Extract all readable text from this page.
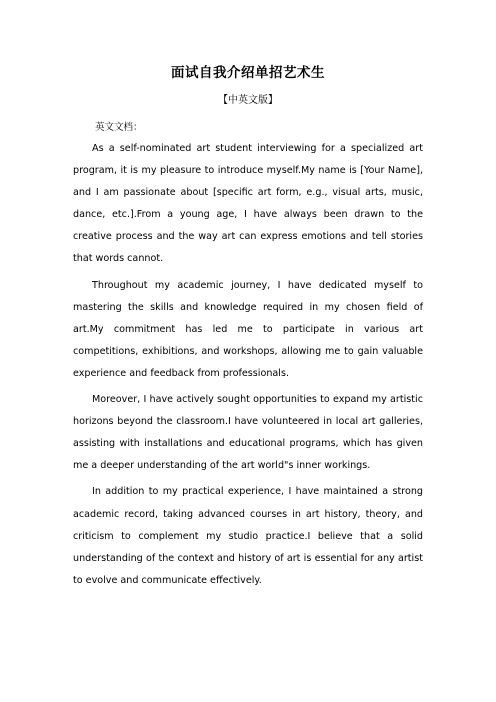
面试自我介绍单招艺术生
【中英文版】
英文文档：

As a self-nominated art student interviewing for a specialized art program, it is my pleasure to introduce myself.My name is [Your Name], and I am passionate about [specific art form, e.g., visual arts, music, dance, etc.].From a young age, I have always been drawn to the creative process and the way art can express emotions and tell stories that words cannot.

Throughout my academic journey, I have dedicated myself to mastering the skills and knowledge required in my chosen field of art.My commitment has led me to participate in various art competitions, exhibitions, and workshops, allowing me to gain valuable experience and feedback from professionals.

Moreover, I have actively sought opportunities to expand my artistic horizons beyond the classroom.I have volunteered in local art galleries, assisting with installations and educational programs, which has given me a deeper understanding of the art world"s inner workings.

In addition to my practical experience, I have maintained a strong academic record, taking advanced courses in art history, theory, and criticism to complement my studio practice.I believe that a solid understanding of the context and history of art is essential for any artist to evolve and communicate effectively.
